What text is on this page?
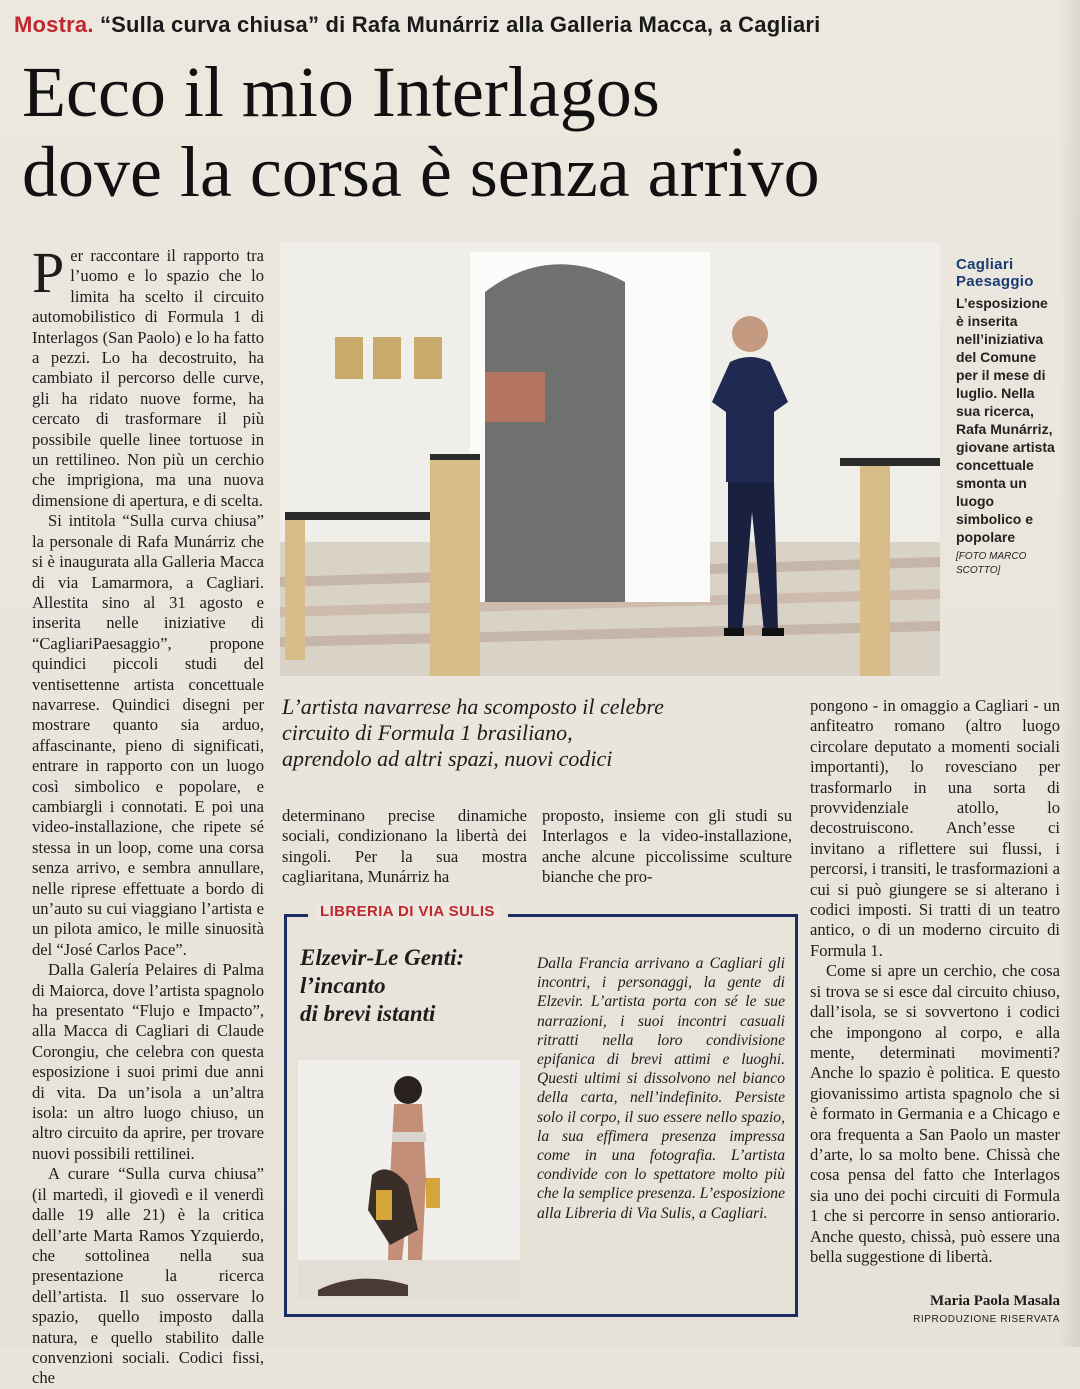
Mostra. “Sulla curva chiusa” di Rafa Munárriz alla Galleria Macca, a Cagliari
Ecco il mio Interlagos
dove la corsa è senza arrivo

Per raccontare il rapporto tra l’uomo e lo spazio che lo limita ha scelto il circuito automobilistico di Formula 1 di Interlagos (San Paolo) e lo ha fatto a pezzi. Lo ha decostruito, ha cambiato il percorso delle curve, gli ha ridato nuove forme, ha cercato di trasformare il più possibile quelle linee tortuose in un rettilineo. Non più un cerchio che imprigiona, ma una nuova dimensione di apertura, e di scelta.

Si intitola “Sulla curva chiusa” la personale di Rafa Munárriz che si è inaugurata alla Galleria Macca di via Lamarmora, a Cagliari. Allestita sino al 31 agosto e inserita nelle iniziative di “CagliariPaesaggio”, propone quindici piccoli studi del ventisettenne artista concettuale navarrese. Quindici disegni per mostrare quanto sia arduo, affascinante, pieno di significati, entrare in rapporto con un luogo così simbolico e popolare, e cambiargli i connotati. E poi una video-installazione, che ripete sé stessa in un loop, come una corsa senza arrivo, e sembra annullare, nelle riprese effettuate a bordo di un’auto su cui viaggiano l’artista e un pilota amico, le mille sinuosità del “José Carlos Pace”.

Dalla Galería Pelaires di Palma di Maiorca, dove l’artista spagnolo ha presentato “Flujo e Impacto”, alla Macca di Cagliari di Claude Corongiu, che celebra con questa esposizione i suoi primi due anni di vita. Da un’isola a un’altra isola: un altro luogo chiuso, un altro circuito da aprire, per trovare nuovi possibili rettilinei.

A curare “Sulla curva chiusa” (il martedì, il giovedì e il venerdì dalle 19 alle 21) è la critica dell’arte Marta Ramos Yzquierdo, che sottolinea nella sua presentazione la ricerca dell’artista. Il suo osservare lo spazio, quello imposto dalla natura, e quello stabilito dalle convenzioni sociali. Codici fissi, che

Cagliari
Paesaggio
L’esposizione è inserita nell’iniziativa del Comune per il mese di luglio. Nella sua ricerca, Rafa Munárriz, giovane artista concettuale smonta un luogo simbolico e popolare
[FOTO MARCO SCOTTO]
L’artista navarrese ha scomposto il celebre
circuito di Formula 1 brasiliano,
aprendolo ad altri spazi, nuovi codici

determinano precise dinamiche sociali, condizionano la libertà dei singoli. Per la sua mostra cagliaritana, Munárriz ha

proposto, insieme con gli studi su Interlagos e la video-installazione, anche alcune piccolissime sculture bianche che pro-

pongono - in omaggio a Cagliari - un anfiteatro romano (altro luogo circolare deputato a momenti sociali importanti), lo rovesciano per trasformarlo in una sorta di provvidenziale atollo, lo decostruiscono. Anch’esse ci invitano a riflettere sui flussi, i percorsi, i transiti, le trasformazioni a cui si può giungere se si alterano i codici imposti. Si tratti di un teatro antico, o di un moderno circuito di Formula 1.

Come si apre un cerchio, che cosa si trova se si esce dal circuito chiuso, dall’isola, se si sovvertono i codici che impongono al corpo, e alla mente, determinati movimenti? Anche lo spazio è politica. E questo giovanissimo artista spagnolo che si è formato in Germania e a Chicago e ora frequenta a San Paolo un master d’arte, lo sa molto bene. Chissà che cosa pensa del fatto che Interlagos sia uno dei pochi circuiti di Formula 1 che si percorre in senso antiorario. Anche questo, chissà, può essere una bella suggestione di libertà.

LIBRERIA DI VIA SULIS
Elzevir-Le Genti:
l’incanto
di brevi istanti
Dalla Francia arrivano a Cagliari gli incontri, i personaggi, la gente di Elzevir. L’artista porta con sé le sue narrazioni, i suoi incontri casuali ritratti nella loro condivisione epifanica di brevi attimi e luoghi. Questi ultimi si dissolvono nel bianco della carta, nell’indefinito. Persiste solo il corpo, il suo essere nello spazio, la sua effimera presenza impressa come in una fotografia. L’artista condivide con lo spettatore molto più che la semplice presenza. L’esposizione alla Libreria di Via Sulis, a Cagliari.
Maria Paola Masala
RIPRODUZIONE RISERVATA
